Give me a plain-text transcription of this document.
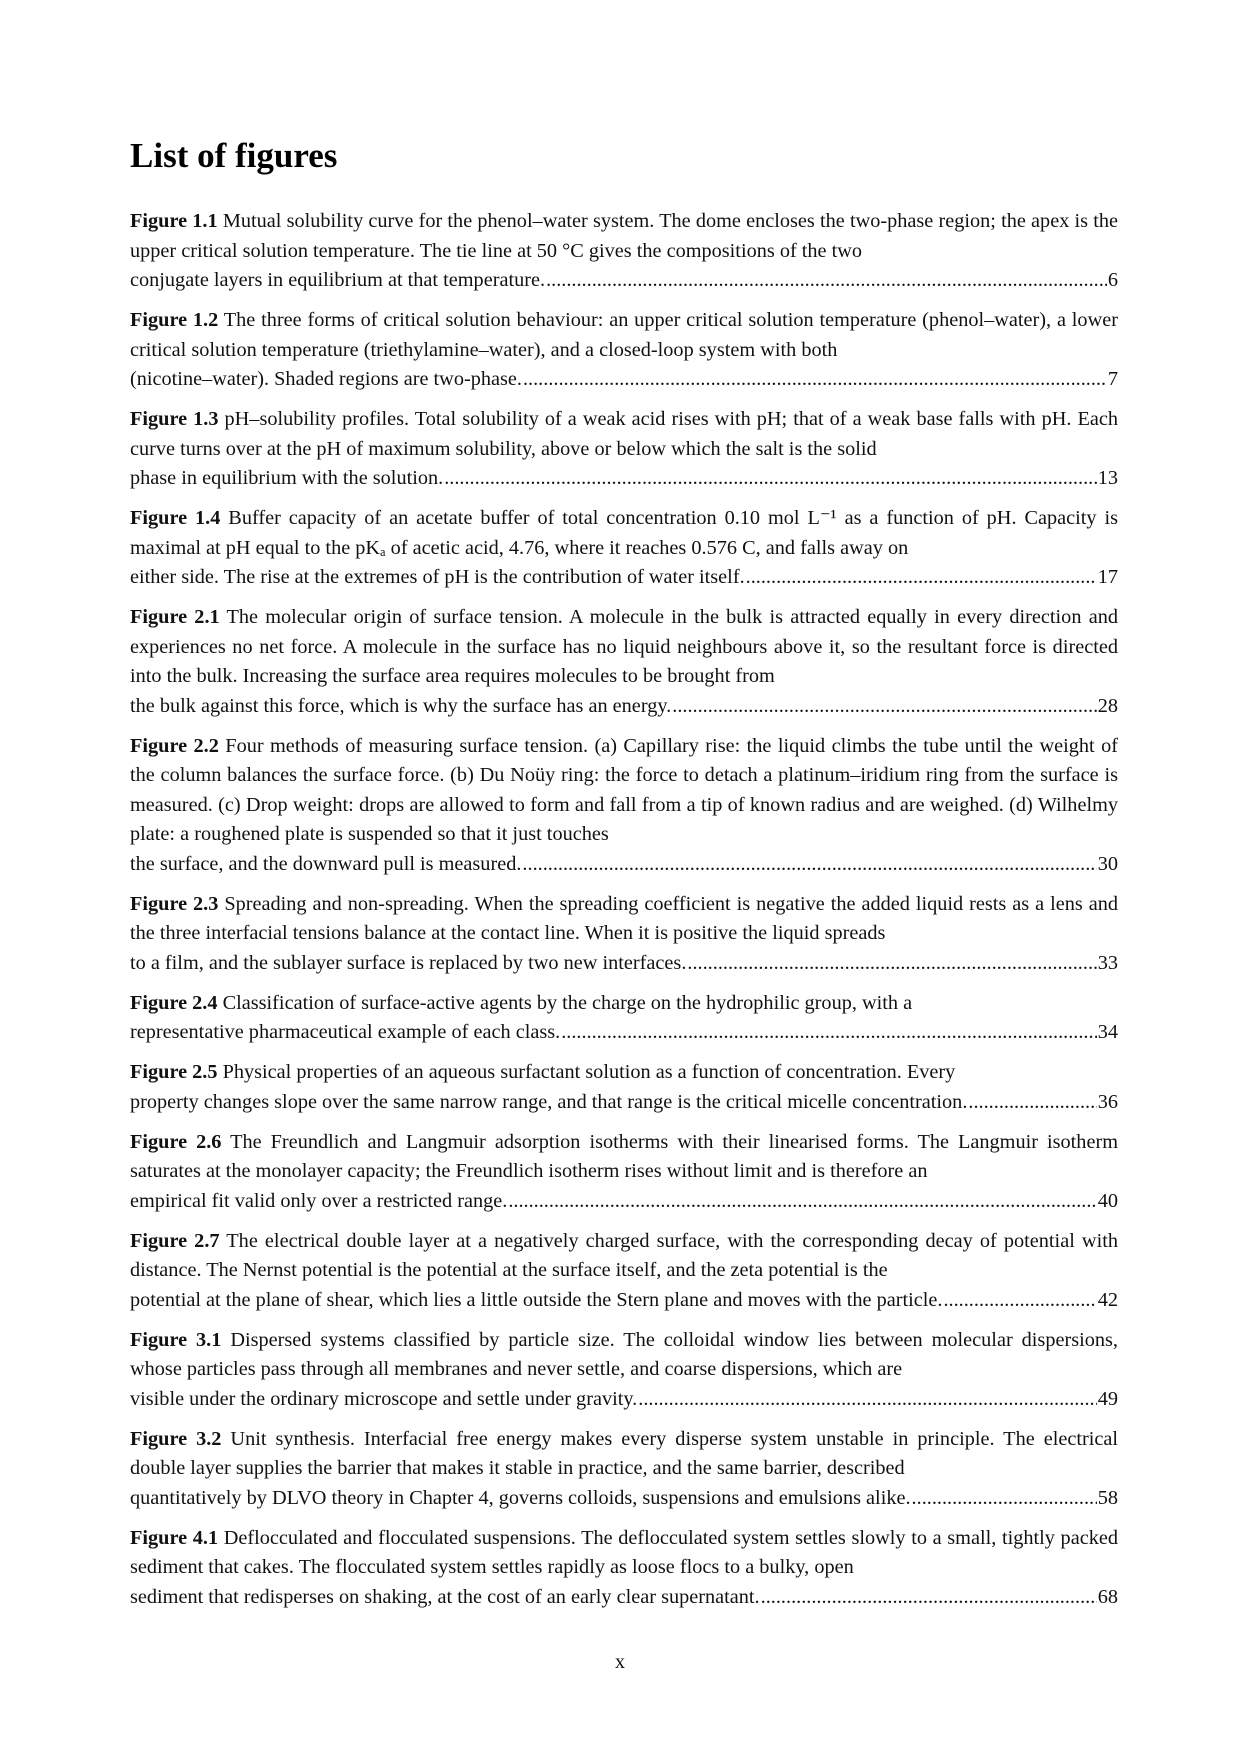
List of figures
Figure 1.1 Mutual solubility curve for the phenol–water system. The dome encloses the two-phase region; the apex is the upper critical solution temperature. The tie line at 50 °C gives the compositions of the two
conjugate layers in equilibrium at that temperature. .....	6
Figure 1.2 The three forms of critical solution behaviour: an upper critical solution temperature (phenol–water), a lower critical solution temperature (triethylamine–water), and a closed-loop system with both
(nicotine–water). Shaded regions are two-phase. .....	7
Figure 1.3 pH–solubility profiles. Total solubility of a weak acid rises with pH; that of a weak base falls with pH. Each curve turns over at the pH of maximum solubility, above or below which the salt is the solid
phase in equilibrium with the solution. .....	13
Figure 1.4 Buffer capacity of an acetate buffer of total concentration 0.10 mol L⁻¹ as a function of pH. Capacity is maximal at pH equal to the pKₐ of acetic acid, 4.76, where it reaches 0.576 C, and falls away on
either side. The rise at the extremes of pH is the contribution of water itself. .....	17
Figure 2.1 The molecular origin of surface tension. A molecule in the bulk is attracted equally in every direction and experiences no net force. A molecule in the surface has no liquid neighbours above it, so the resultant force is directed into the bulk. Increasing the surface area requires molecules to be brought from
the bulk against this force, which is why the surface has an energy. .....	28
Figure 2.2 Four methods of measuring surface tension. (a) Capillary rise: the liquid climbs the tube until the weight of the column balances the surface force. (b) Du Noüy ring: the force to detach a platinum–iridium ring from the surface is measured. (c) Drop weight: drops are allowed to form and fall from a tip of known radius and are weighed. (d) Wilhelmy plate: a roughened plate is suspended so that it just touches
the surface, and the downward pull is measured. .....	30
Figure 2.3 Spreading and non-spreading. When the spreading coefficient is negative the added liquid rests as a lens and the three interfacial tensions balance at the contact line. When it is positive the liquid spreads
to a film, and the sublayer surface is replaced by two new interfaces. .....	33
Figure 2.4 Classification of surface-active agents by the charge on the hydrophilic group, with a
representative pharmaceutical example of each class. .....	34
Figure 2.5 Physical properties of an aqueous surfactant solution as a function of concentration. Every
property changes slope over the same narrow range, and that range is the critical micelle concentration. .....	36
Figure 2.6 The Freundlich and Langmuir adsorption isotherms with their linearised forms. The Langmuir isotherm saturates at the monolayer capacity; the Freundlich isotherm rises without limit and is therefore an
empirical fit valid only over a restricted range. .....	40
Figure 2.7 The electrical double layer at a negatively charged surface, with the corresponding decay of potential with distance. The Nernst potential is the potential at the surface itself, and the zeta potential is the
potential at the plane of shear, which lies a little outside the Stern plane and moves with the particle. .....	42
Figure 3.1 Dispersed systems classified by particle size. The colloidal window lies between molecular dispersions, whose particles pass through all membranes and never settle, and coarse dispersions, which are
visible under the ordinary microscope and settle under gravity. .....	49
Figure 3.2 Unit synthesis. Interfacial free energy makes every disperse system unstable in principle. The electrical double layer supplies the barrier that makes it stable in practice, and the same barrier, described
quantitatively by DLVO theory in Chapter 4, governs colloids, suspensions and emulsions alike. .....	58
Figure 4.1 Deflocculated and flocculated suspensions. The deflocculated system settles slowly to a small, tightly packed sediment that cakes. The flocculated system settles rapidly as loose flocs to a bulky, open
sediment that redisperses on shaking, at the cost of an early clear supernatant. .....	68
x
